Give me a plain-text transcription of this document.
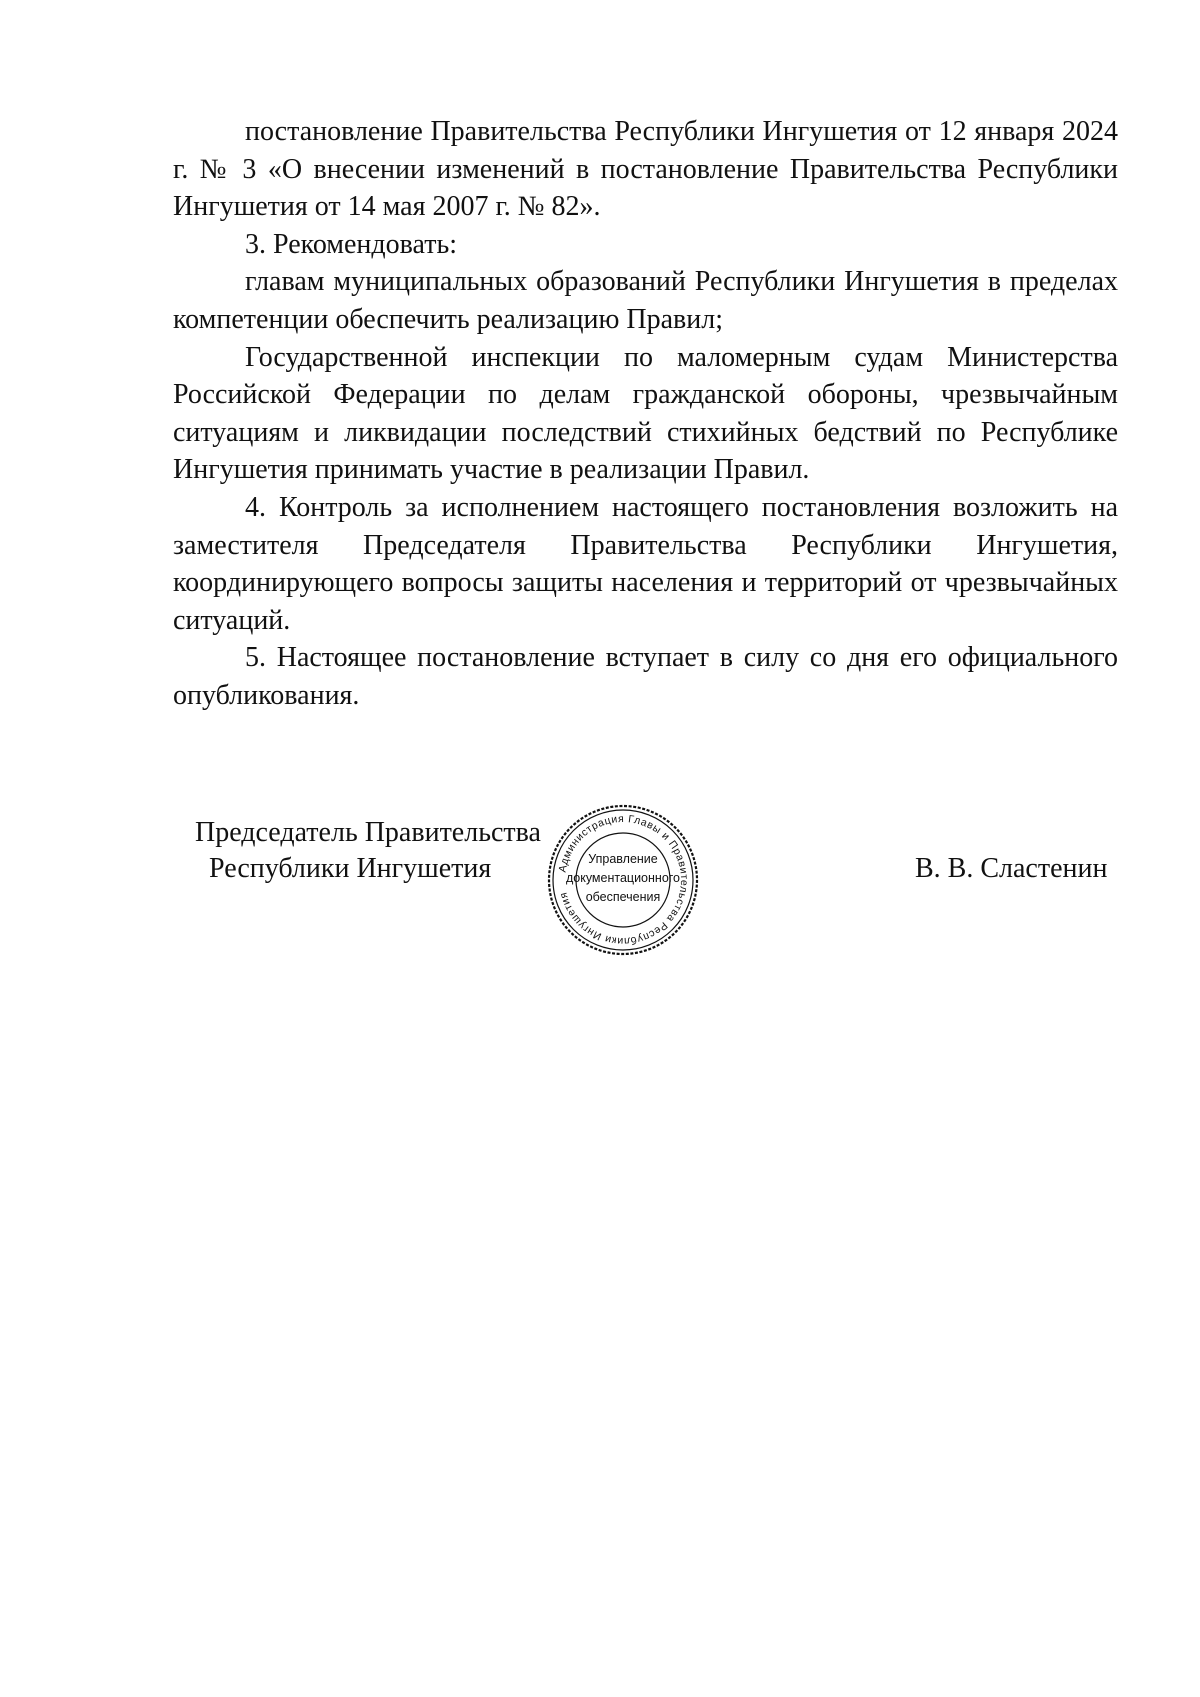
постановление Правительства Республики Ингушетия от 12 января 2024 г. № 3 «О внесении изменений в постановление Правительства Республики Ингушетия от 14 мая 2007 г. № 82».

3. Рекомендовать:

главам муниципальных образований Республики Ингушетия в пределах компетенции обеспечить реализацию Правил;

Государственной инспекции по маломерным судам Министерства Российской Федерации по делам гражданской обороны, чрезвычайным ситуациям и ликвидации последствий стихийных бедствий по Республике Ингушетия принимать участие в реализации Правил.

4. Контроль за исполнением настоящего постановления возложить на заместителя Председателя Правительства Республики Ингушетия, координирующего вопросы защиты населения и территорий от чрезвычайных ситуаций.

5. Настоящее постановление вступает в силу со дня его официального опубликования.

Председатель Правительства
Республики Ингушетия	Администрация Главы и Правительства Республики Ингушетия
Управление
документационного
обеспечения
В. В. Сластенин
